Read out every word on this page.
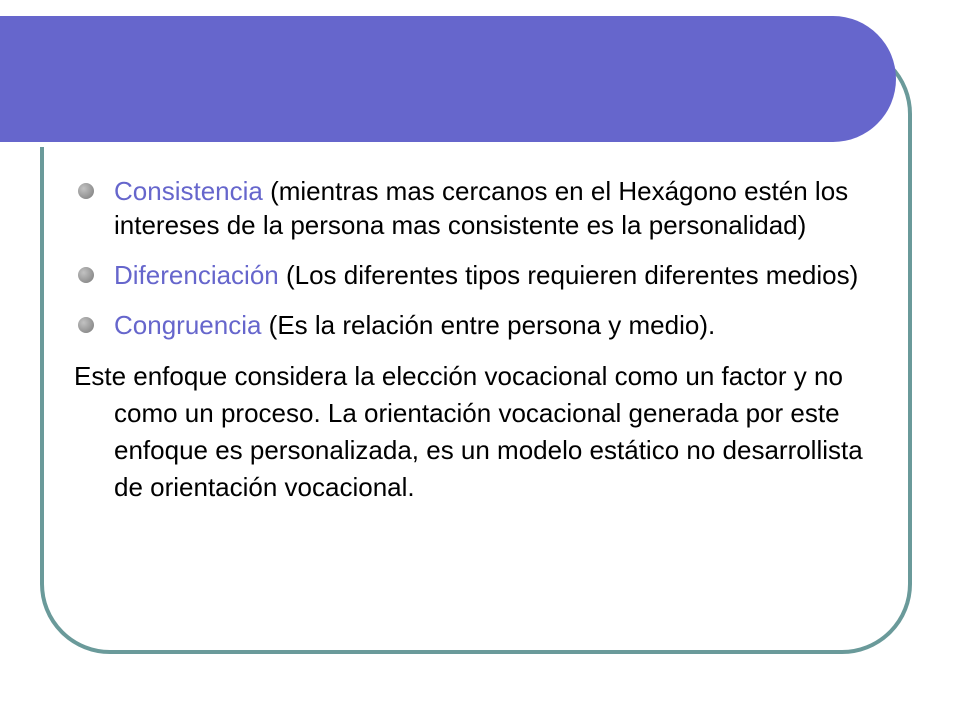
Consistencia (mientras mas cercanos en el Hexágono estén los intereses de la persona mas consistente es la personalidad)
Diferenciación (Los diferentes tipos requieren diferentes medios)
Congruencia (Es la relación entre persona y medio).
Este enfoque considera la elección vocacional como un factor y no como un proceso. La orientación vocacional generada por este enfoque es personalizada, es un modelo estático no desarrollista de orientación vocacional.
